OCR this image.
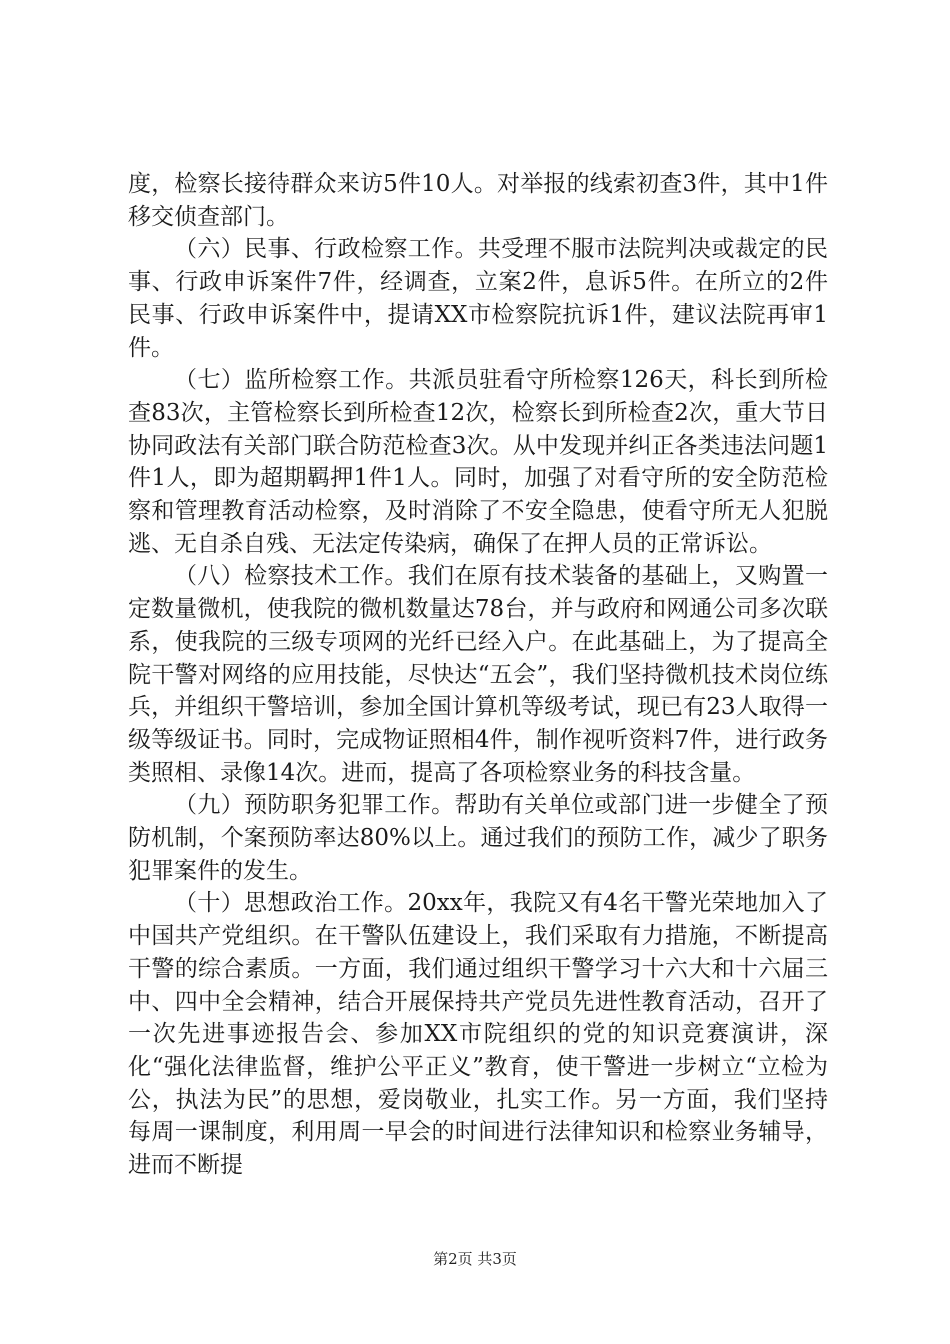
度，检察长接待群众来访5件10人。对举报的线索初查3件，其中1件移交侦查部门。

（六）民事、行政检察工作。共受理不服市法院判决或裁定的民事、行政申诉案件7件，经调查，立案2件，息诉5件。在所立的2件民事、行政申诉案件中，提请XX市检察院抗诉1件，建议法院再审1件。

（七）监所检察工作。共派员驻看守所检察126天，科长到所检查83次，主管检察长到所检查12次，检察长到所检查2次，重大节日协同政法有关部门联合防范检查3次。从中发现并纠正各类违法问题1件1人，即为超期羁押1件1人。同时，加强了对看守所的安全防范检察和管理教育活动检察，及时消除了不安全隐患，使看守所无人犯脱逃、无自杀自残、无法定传染病，确保了在押人员的正常诉讼。

（八）检察技术工作。我们在原有技术装备的基础上，又购置一定数量微机，使我院的微机数量达78台，并与政府和网通公司多次联系，使我院的三级专项网的光纤已经入户。在此基础上，为了提高全院干警对网络的应用技能，尽快达“五会”，我们坚持微机技术岗位练兵，并组织干警培训，参加全国计算机等级考试，现已有23人取得一级等级证书。同时，完成物证照相4件，制作视听资料7件，进行政务类照相、录像14次。进而，提高了各项检察业务的科技含量。

（九）预防职务犯罪工作。帮助有关单位或部门进一步健全了预防机制，个案预防率达80%以上。通过我们的预防工作，减少了职务犯罪案件的发生。

（十）思想政治工作。20xx年，我院又有4名干警光荣地加入了中国共产党组织。在干警队伍建设上，我们采取有力措施，不断提高干警的综合素质。一方面，我们通过组织干警学习十六大和十六届三中、四中全会精神，结合开展保持共产党员先进性教育活动，召开了一次先进事迹报告会、参加XX市院组织的党的知识竞赛演讲，深化“强化法律监督，维护公平正义”教育，使干警进一步树立“立检为公，执法为民”的思想，爱岗敬业，扎实工作。另一方面，我们坚持每周一课制度，利用周一早会的时间进行法律知识和检察业务辅导，进而不断提

第2页 共3页
